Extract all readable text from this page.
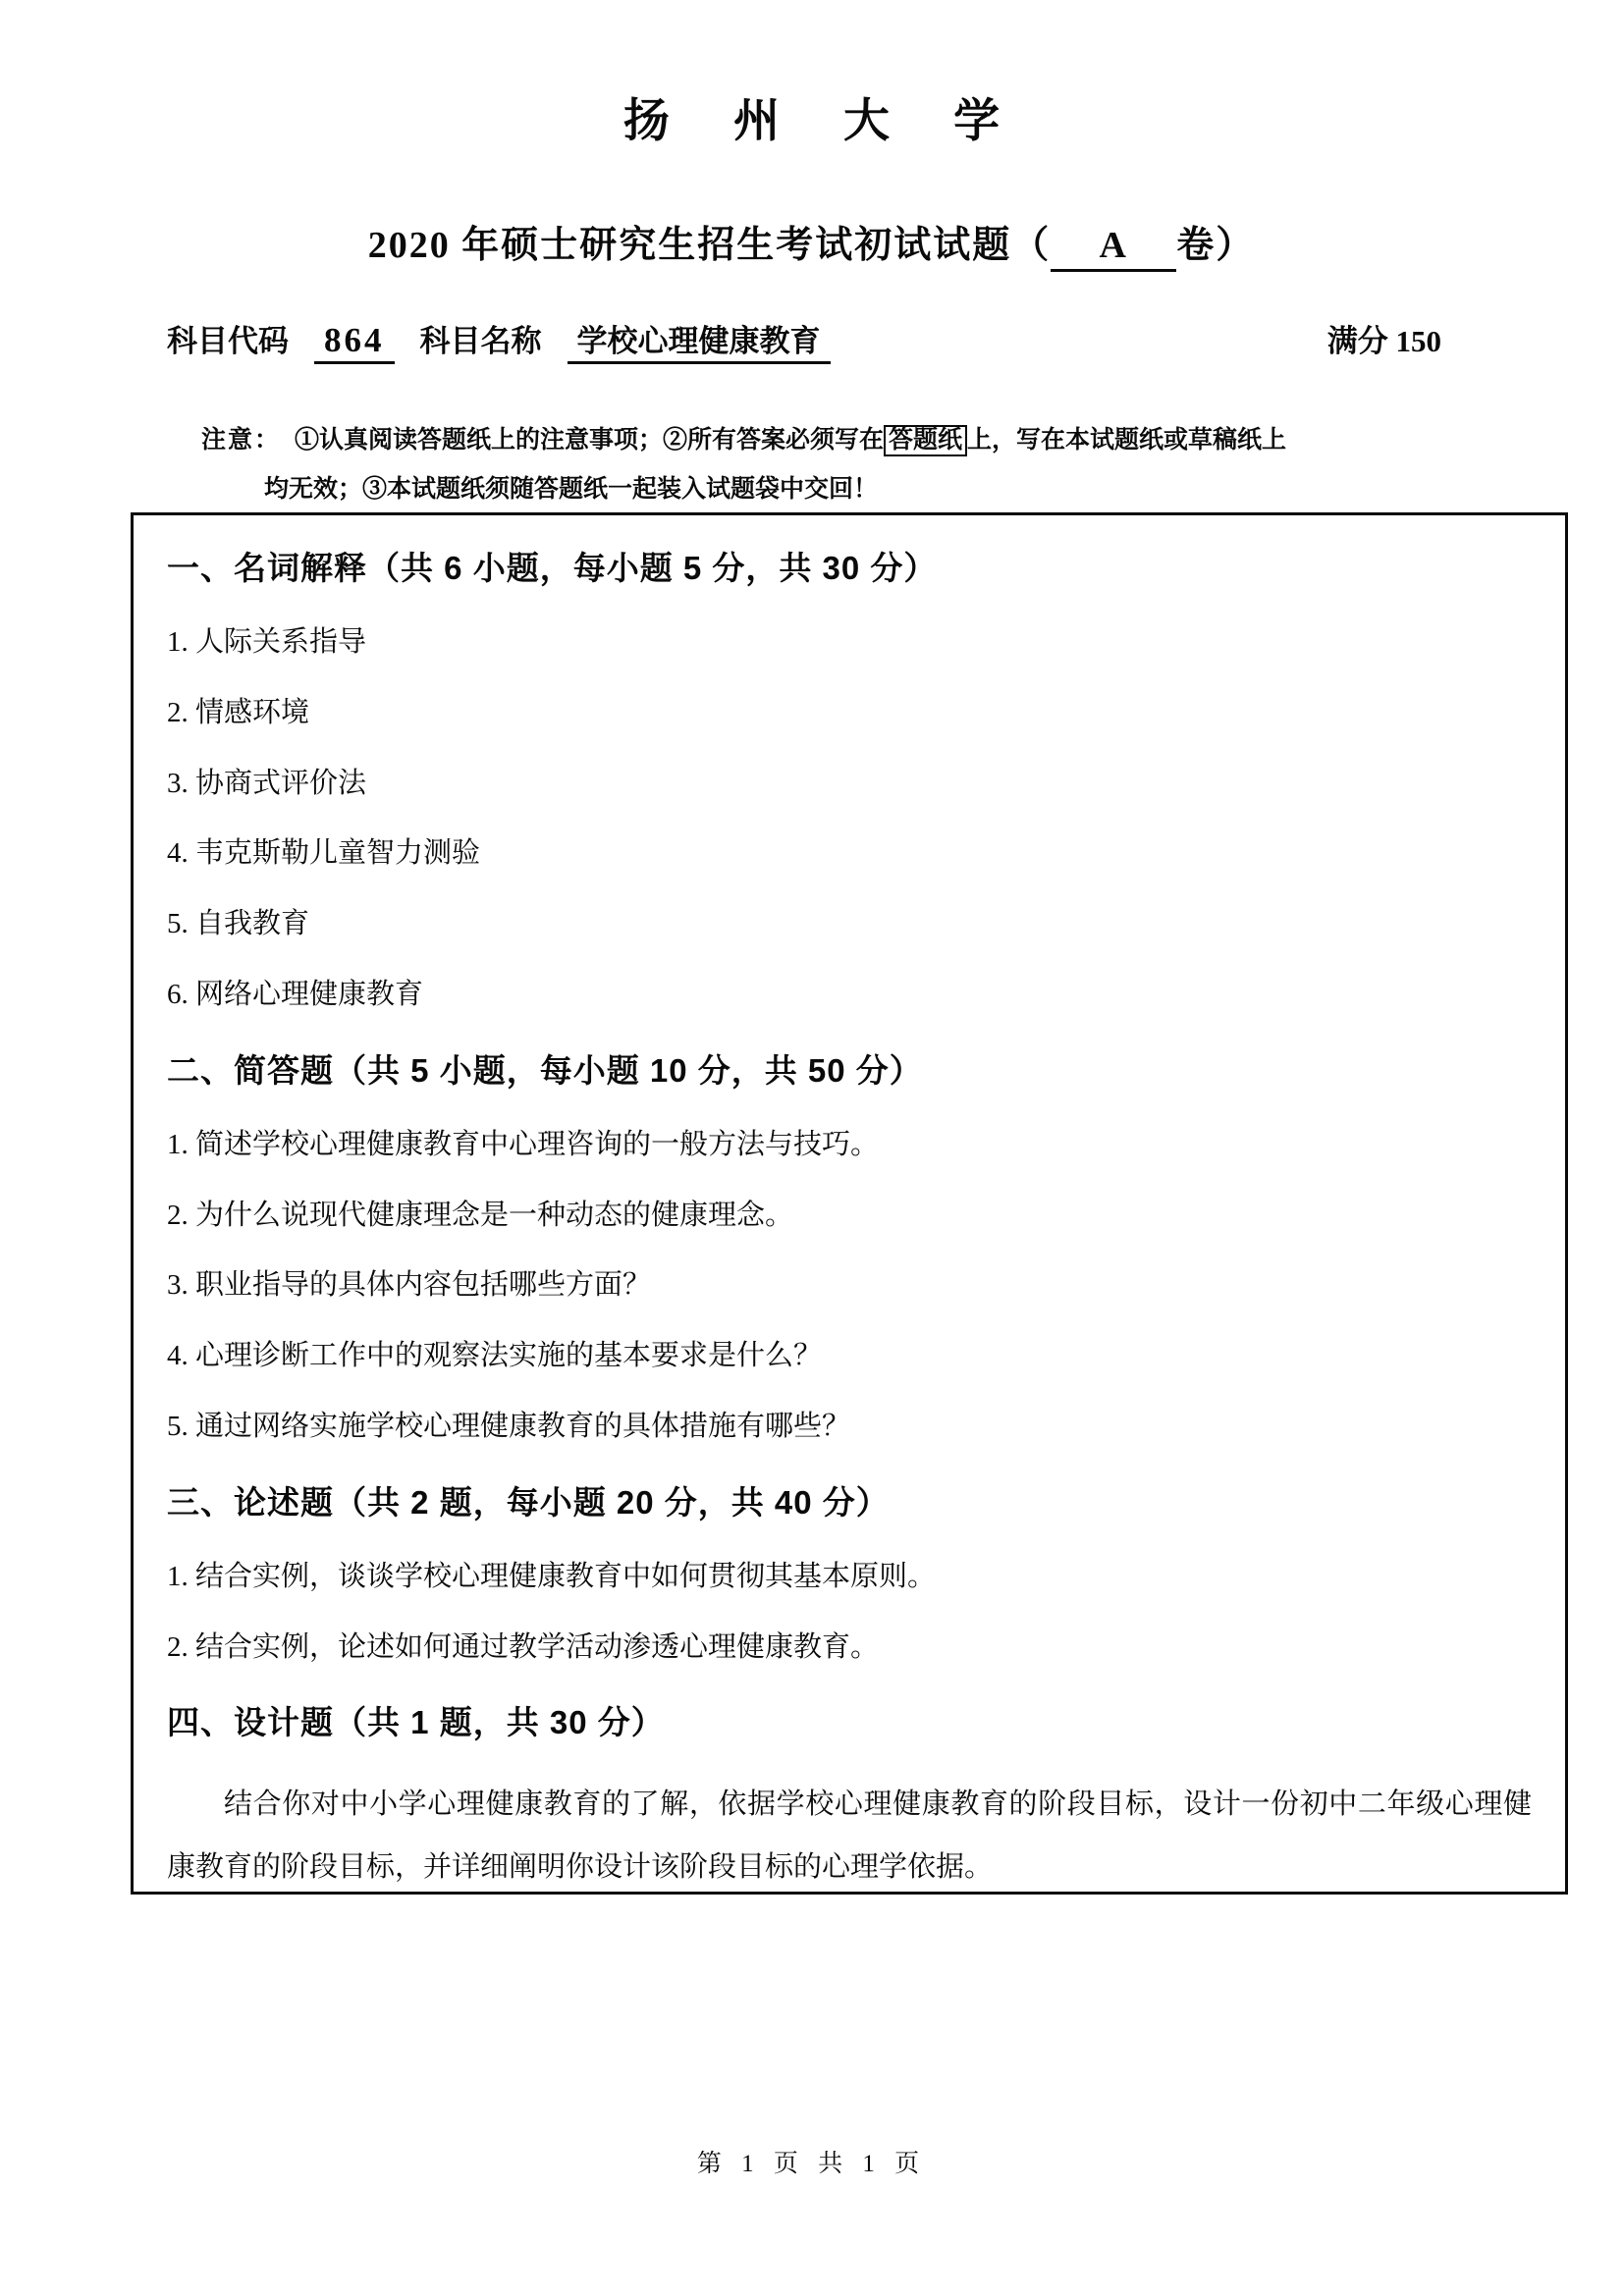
扬 州 大 学
2020 年硕士研究生招生考试初试试题（ A 卷）
科目代码 864	科目名称	学校心理健康教育	满分 150
注意： ①认真阅读答题纸上的注意事项；②所有答案必须写在 答题纸 上，写在本试题纸或草稿纸上
均无效；③本试题纸须随答题纸一起装入试题袋中交回！
一、名词解释（共 6 小题，每小题 5 分，共 30 分）
1. 人际关系指导
2. 情感环境
3. 协商式评价法
4. 韦克斯勒儿童智力测验
5. 自我教育
6. 网络心理健康教育
二、简答题（共 5 小题，每小题 10 分，共 50 分）
1. 简述学校心理健康教育中心理咨询的一般方法与技巧。
2. 为什么说现代健康理念是一种动态的健康理念。
3. 职业指导的具体内容包括哪些方面？
4. 心理诊断工作中的观察法实施的基本要求是什么？
5. 通过网络实施学校心理健康教育的具体措施有哪些？
三、论述题（共 2 题，每小题 20 分，共 40 分）
1. 结合实例，谈谈学校心理健康教育中如何贯彻其基本原则。
2. 结合实例，论述如何通过教学活动渗透心理健康教育。
四、设计题（共 1 题，共 30 分）

结合你对中小学心理健康教育的了解，依据学校心理健康教育的阶段目标，设计一份初中二年级心理健康教育的阶段目标，并详细阐明你设计该阶段目标的心理学依据。

第 1 页 共 1 页
